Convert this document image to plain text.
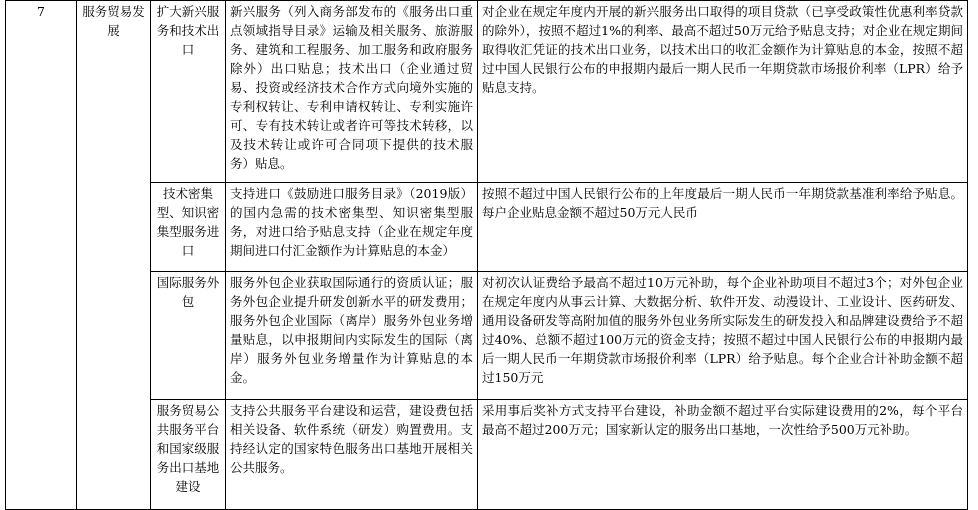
7	服务贸易发展	扩大新兴服务和技术出口	新兴服务（列入商务部发布的《服务出口重点领域指导目录》运输及相关服务、旅游服务、建筑和工程服务、加工服务和政府服务除外）出口贴息；技术出口（企业通过贸易、投资或经济技术合作方式向境外实施的专利权转让、专利申请权转让、专利实施许可、专有技术转让或者许可等技术转移，以及技术转让或许可合同项下提供的技术服务）贴息。	对企业在规定年度内开展的新兴服务出口取得的项目贷款（已享受政策性优惠利率贷款的除外），按照不超过1%的利率、最高不超过50万元给予贴息支持；对企业在规定期间取得收汇凭证的技术出口业务，以技术出口的收汇金额作为计算贴息的本金，按照不超过中国人民银行公布的申报期内最后一期人民币一年期贷款市场报价利率（LPR）给予贴息支持。
		技术密集型、知识密集型服务进口	支持进口《鼓励进口服务目录》（2019版）的国内急需的技术密集型、知识密集型服务，对进口给予贴息支持（企业在规定年度期间进口付汇金额作为计算贴息的本金）	按照不超过中国人民银行公布的上年度最后一期人民币一年期贷款基准利率给予贴息。每户企业贴息金额不超过50万元人民币
		国际服务外包	服务外包企业获取国际通行的资质认证；服务外包企业提升研发创新水平的研发费用；服务外包企业国际（离岸）服务外包业务增量贴息，以申报期间内实际发生的国际（离岸）服务外包业务增量作为计算贴息的本金。	对初次认证费给予最高不超过10万元补助，每个企业补助项目不超过3个；对外包企业在规定年度内从事云计算、大数据分析、软件开发、动漫设计、工业设计、医药研发、通用设备研发等高附加值的服务外包业务所实际发生的研发投入和品牌建设费给予不超过40%、总额不超过100万元的资金支持；按照不超过中国人民银行公布的申报期内最后一期人民币一年期贷款市场报价利率（LPR）给予贴息。每个企业合计补助金额不超过150万元
		服务贸易公共服务平台和国家级服务出口基地建设	支持公共服务平台建设和运营，建设费包括相关设备、软件系统（研发）购置费用。支持经认定的国家特色服务出口基地开展相关公共服务。	采用事后奖补方式支持平台建设，补助金额不超过平台实际建设费用的2%，每个平台最高不超过200万元；国家新认定的服务出口基地，一次性给予500万元补助。
